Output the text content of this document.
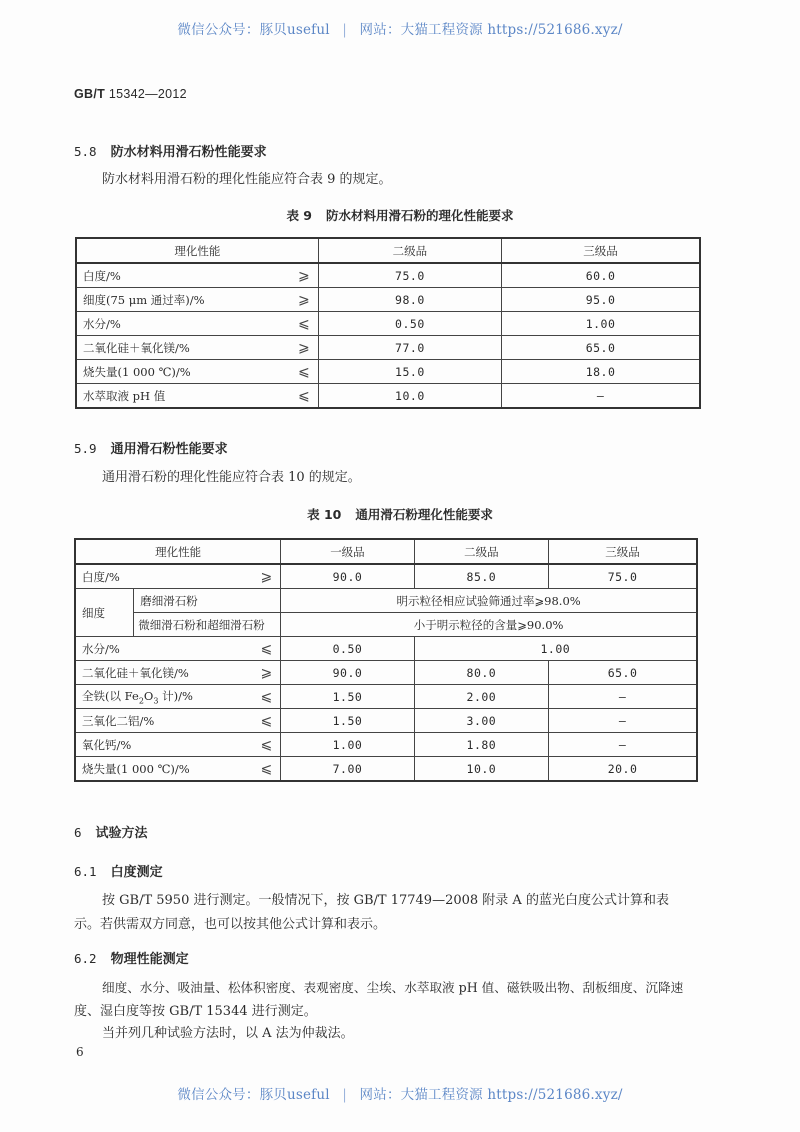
微信公众号：豚贝useful | 网站：大猫工程资源 https://521686.xyz/
GB/T 15342—2012
5.8 防水材料用滑石粉性能要求
防水材料用滑石粉的理化性能应符合表 9 的规定。
表 9 防水材料用滑石粉的理化性能要求
理化性能	二级品	三级品
白度/% ⩾	75.0	60.0
细度(75 μm 通过率)/% ⩾	98.0	95.0
水分/% ⩽	0.50	1.00
二氧化硅＋氧化镁/% ⩾	77.0	65.0
烧失量(1 000 ℃)/% ⩽	15.0	18.0
水萃取液 pH 值 ⩽	10.0	—
5.9 通用滑石粉性能要求
通用滑石粉的理化性能应符合表 10 的规定。
表 10 通用滑石粉理化性能要求
理化性能		一级品	二级品	三级品
白度/% ⩾		90.0	85.0	75.0
细度	磨细滑石粉	明示粒径相应试验筛通过率⩾98.0%		
	微细滑石粉和超细滑石粉	小于明示粒径的含量⩾90.0%		
水分/% ⩽		0.50	1.00	
二氧化硅＋氧化镁/% ⩾		90.0	80.0	65.0
全铁(以 $Fe_2O_3$ 计)/% ⩽		1.50	2.00	—
三氧化二铝/% ⩽		1.50	3.00	—
氧化钙/% ⩽		1.00	1.80	—
烧失量(1 000 ℃)/% ⩽		7.00	10.0	20.0
6 试验方法
6.1 白度测定
按 GB/T 5950 进行测定。一般情况下，按 GB/T 17749—2008 附录 A 的蓝光白度公式计算和表
示。若供需双方同意，也可以按其他公式计算和表示。
6.2 物理性能测定
细度、水分、吸油量、松体积密度、表观密度、尘埃、水萃取液 pH 值、磁铁吸出物、刮板细度、沉降速
度、湿白度等按 GB/T 15344 进行测定。
当并列几种试验方法时，以 A 法为仲裁法。
6
微信公众号：豚贝useful | 网站：大猫工程资源 https://521686.xyz/
